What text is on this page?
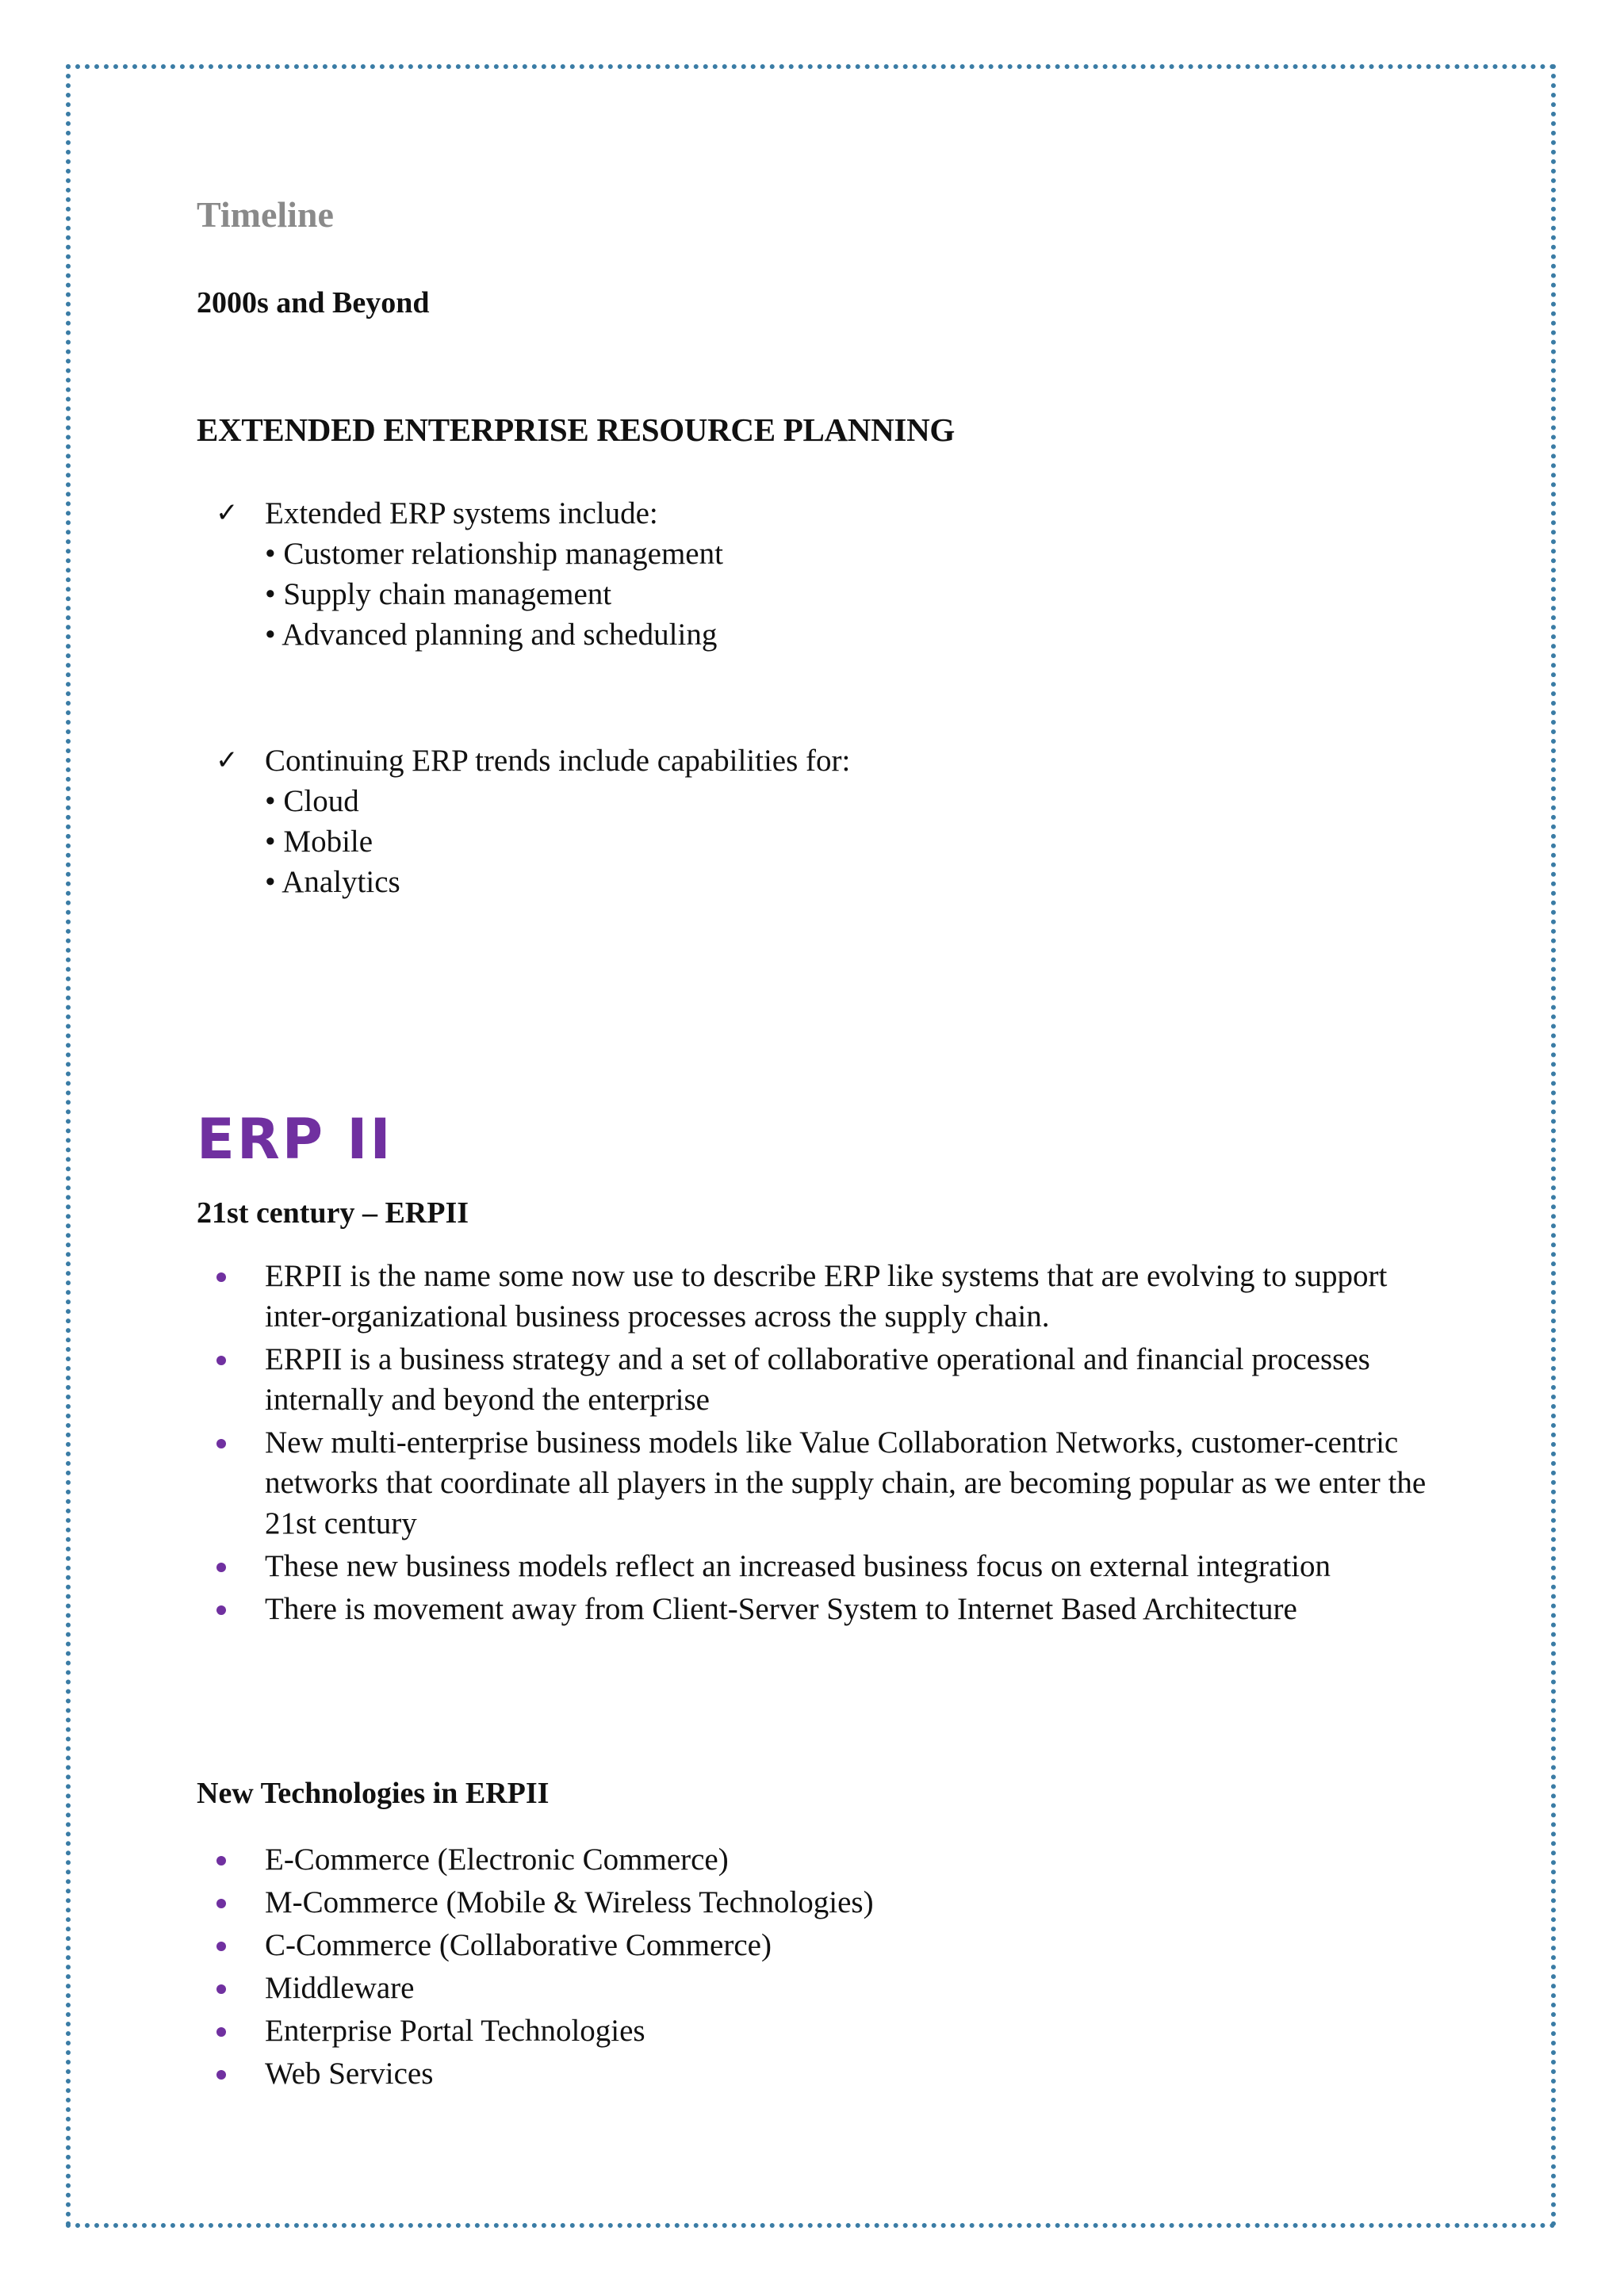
Timeline
2000s and Beyond
EXTENDED ENTERPRISE RESOURCE PLANNING
✓ Extended ERP systems include:
• Customer relationship management
• Supply chain management
• Advanced planning and scheduling
✓ Continuing ERP trends include capabilities for:
• Cloud
• Mobile
• Analytics
ERP II
21st century – ERPII
ERPII is the name some now use to describe ERP like systems that are evolving to support inter-organizational business processes across the supply chain.
ERPII is a business strategy and a set of collaborative operational and financial processes internally and beyond the enterprise
New multi-enterprise business models like Value Collaboration Networks, customer-centric networks that coordinate all players in the supply chain, are becoming popular as we enter the 21st century
These new business models reflect an increased business focus on external integration
There is movement away from Client-Server System to Internet Based Architecture
New Technologies in ERPII
E-Commerce (Electronic Commerce)
M-Commerce (Mobile & Wireless Technologies)
C-Commerce (Collaborative Commerce)
Middleware
Enterprise Portal Technologies
Web Services
